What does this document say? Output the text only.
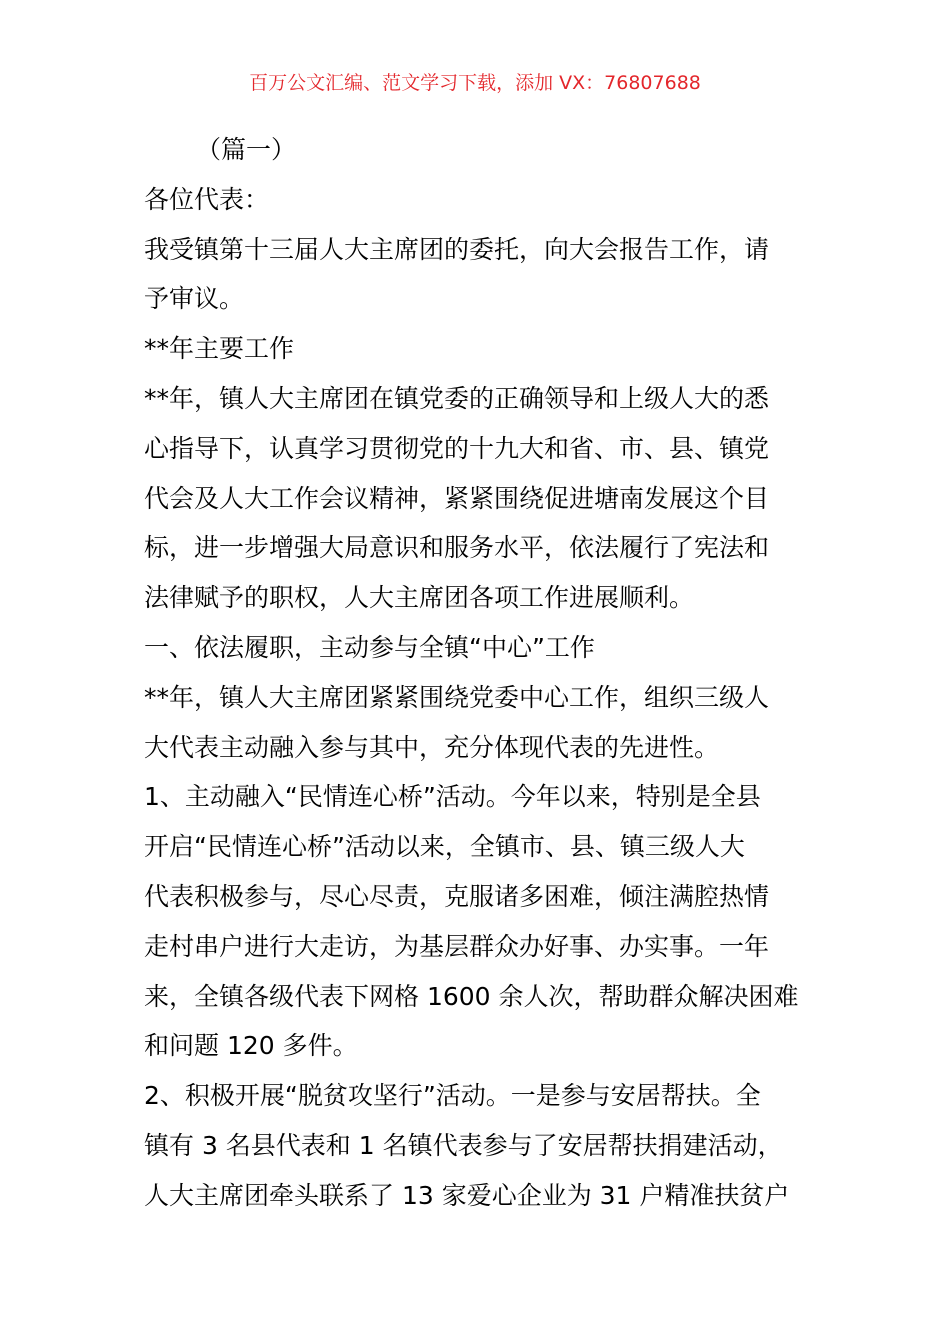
百万公文汇编、范文学习下载，添加 VX：76807688
（篇一）
各位代表：
我受镇第十三届人大主席团的委托，向大会报告工作，请
予审议。
**年主要工作
**年，镇人大主席团在镇党委的正确领导和上级人大的悉
心指导下，认真学习贯彻党的十九大和省、市、县、镇党
代会及人大工作会议精神，紧紧围绕促进塘南发展这个目
标，进一步增强大局意识和服务水平，依法履行了宪法和
法律赋予的职权，人大主席团各项工作进展顺利。
一、依法履职，主动参与全镇“中心”工作
**年，镇人大主席团紧紧围绕党委中心工作，组织三级人
大代表主动融入参与其中，充分体现代表的先进性。
1、主动融入“民情连心桥”活动。今年以来，特别是全县
开启“民情连心桥”活动以来，全镇市、县、镇三级人大
代表积极参与，尽心尽责，克服诸多困难，倾注满腔热情
走村串户进行大走访，为基层群众办好事、办实事。一年
来，全镇各级代表下网格 1600 余人次，帮助群众解决困难
和问题 120 多件。
2、积极开展“脱贫攻坚行”活动。一是参与安居帮扶。全
镇有 3 名县代表和 1 名镇代表参与了安居帮扶捐建活动，
人大主席团牵头联系了 13 家爱心企业为 31 户精准扶贫户
